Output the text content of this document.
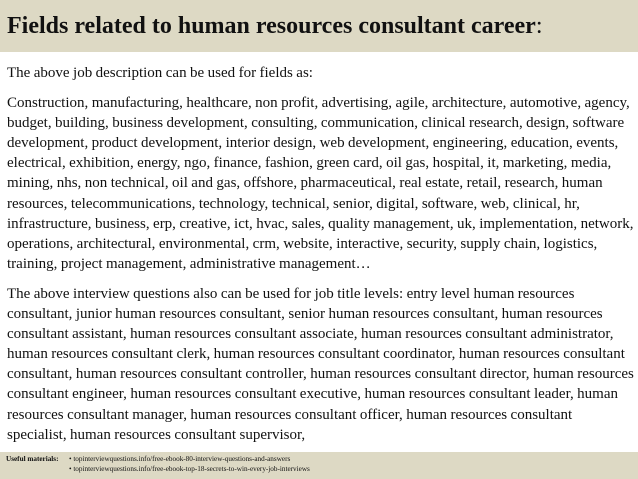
Fields related to human resources consultant career:

The above job description can be used for fields as:

Construction, manufacturing, healthcare, non profit, advertising, agile, architecture, automotive, agency, budget, building, business development, consulting, communication, clinical research, design, software development, product development, interior design, web development, engineering, education, events, electrical, exhibition, energy, ngo, finance, fashion, green card, oil gas, hospital, it, marketing, media, mining, nhs, non technical, oil and gas, offshore, pharmaceutical, real estate, retail, research, human resources, telecommunications, technology, technical, senior, digital, software, web, clinical, hr, infrastructure, business, erp, creative, ict, hvac, sales, quality management, uk, implementation, network, operations, architectural, environmental, crm, website, interactive, security, supply chain, logistics, training, project management, administrative management…

The above interview questions also can be used for job title levels: entry level human resources consultant, junior human resources consultant, senior human resources consultant, human resources consultant assistant, human resources consultant associate, human resources consultant administrator, human resources consultant clerk, human resources consultant coordinator, human resources consultant consultant, human resources consultant controller, human resources consultant director, human resources consultant engineer, human resources consultant executive, human resources consultant leader, human resources consultant manager, human resources consultant officer, human resources consultant specialist, human resources consultant supervisor,

Useful materials: • topinterviewquestions.info/free-ebook-80-interview-questions-and-answers
• topinterviewquestions.info/free-ebook-top-18-secrets-to-win-every-job-interviews
